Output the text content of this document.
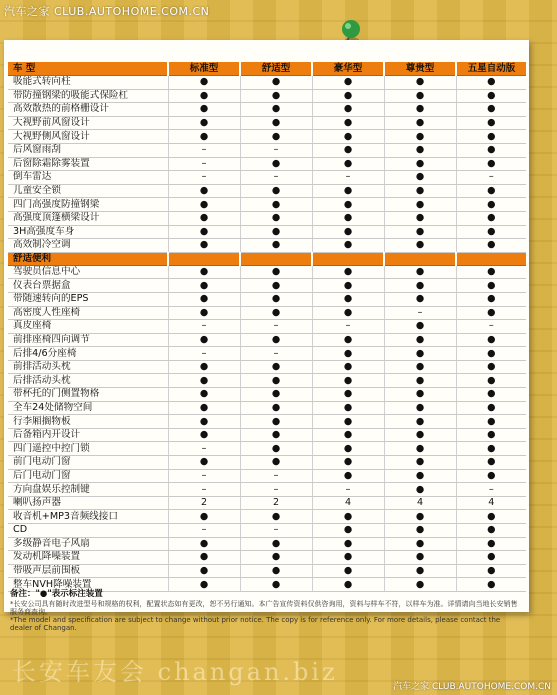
汽车之家 CLUB.AUTOHOME.COM.CN
车 型	标准型	舒适型	豪华型	尊贵型	五星自动版
吸能式转向柱	●	●	●	●	●
带防撞钢梁的吸能式保险杠	●	●	●	●	●
高效散热的前格栅设计	●	●	●	●	●
大视野前风窗设计	●	●	●	●	●
大视野侧风窗设计	●	●	●	●	●
后风窗雨刮	–	–	●	●	●
后窗除霜除雾装置	–	●	●	●	●
倒车雷达	–	–	–	●	–
儿童安全锁	●	●	●	●	●
四门高强度防撞钢梁	●	●	●	●	●
高强度顶篷横梁设计	●	●	●	●	●
3H高强度车身	●	●	●	●	●
高效制冷空调	●	●	●	●	●
舒适便利					
驾驶员信息中心	●	●	●	●	●
仪表台票据盒	●	●	●	●	●
带随速转向的EPS	●	●	●	●	●
高密度人性座椅	●	●	●	–	●
真皮座椅	–	–	–	●	–
前排座椅四向调节	●	●	●	●	●
后排4/6分座椅	–	–	●	●	●
前排活动头枕	●	●	●	●	●
后排活动头枕	●	●	●	●	●
带杯托的门侧置物格	●	●	●	●	●
全车24处储物空间	●	●	●	●	●
行李厢搁物板	●	●	●	●	●
后备箱内开设计	●	●	●	●	●
四门遥控中控门锁	–	●	●	●	●
前门电动门窗	●	●	●	●	●
后门电动门窗	–	–	●	●	●
方向盘娱乐控制键	–	–	–	●	–
喇叭扬声器	2	2	4	4	4
收音机+MP3音频线接口	●	●	●	●	●
CD	–	–	●	●	●
多级静音电子风扇	●	●	●	●	●
发动机降噪装置	●	●	●	●	●
带吸声层前围板	●	●	●	●	●
整车NVH降噪装置	●	●	●	●	●
备注："●"表示标注装置
*长安公司具有随时改进型号和规格的权利，配置状态如有更改，恕不另行通知。本广告宣传资料仅供咨询用，资料与样车不符，以样车为准。详情请向当地长安销售服务商查询。
*The model and specification are subject to change without prior notice. The copy is for reference only. For more details, please contact the dealer of Changan.
长安车友会 changan.biz
汽车之家 CLUB.AUTOHOME.COM.CN
